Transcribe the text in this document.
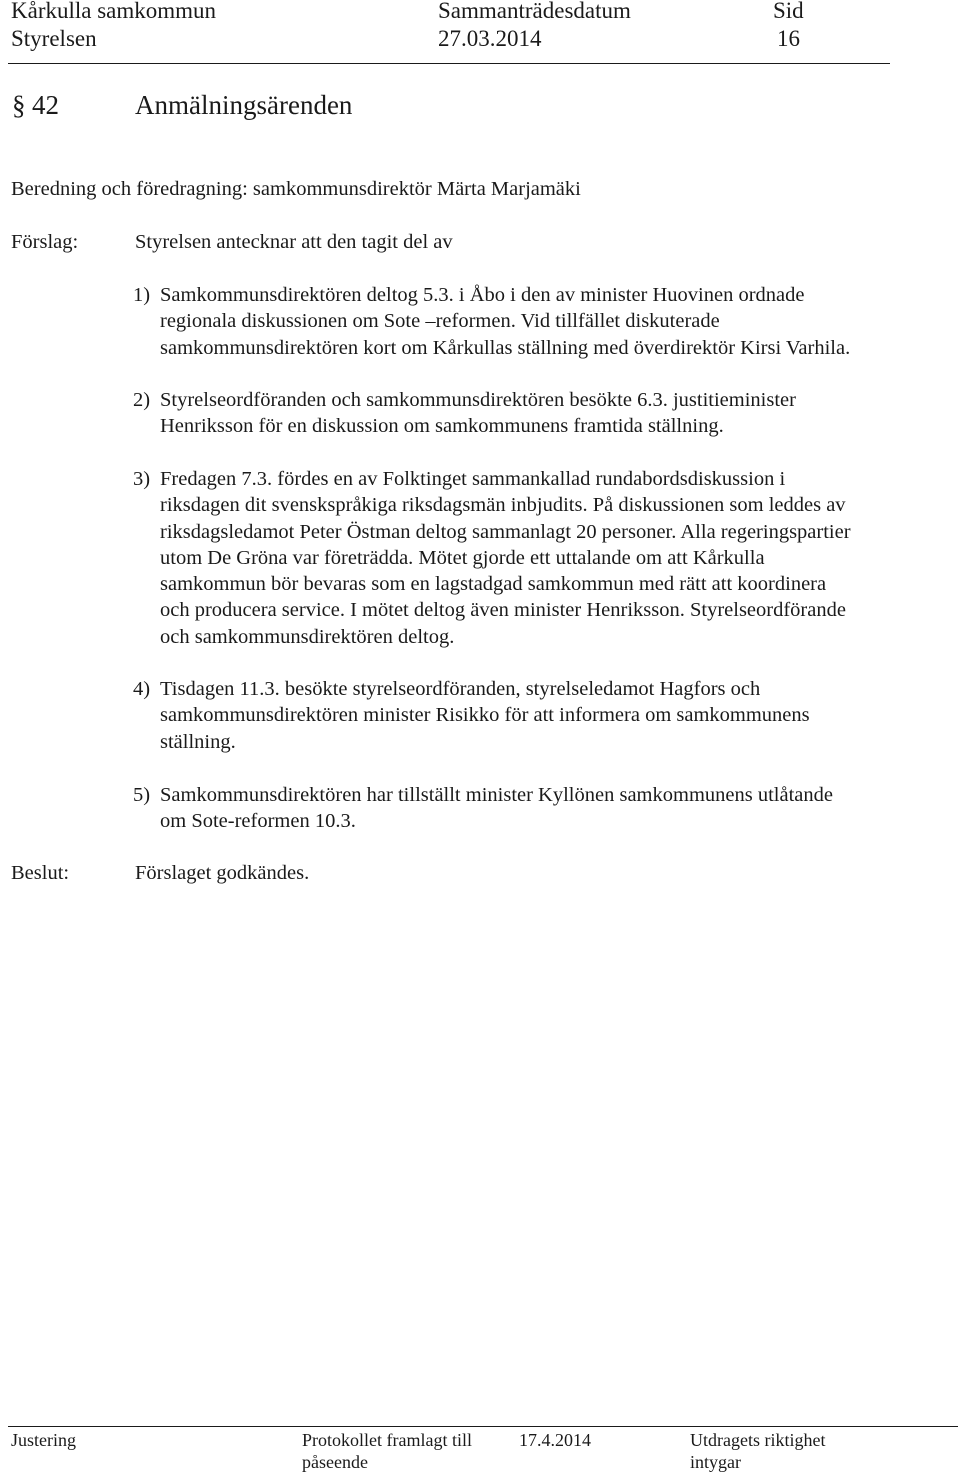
Kårkulla samkommun
Styrelsen
Sammanträdesdatum
27.03.2014
Sid
16
§ 42	Anmälningsärenden
Beredning och föredragning: samkommunsdirektör Märta Marjamäki
Förslag:	Styrelsen antecknar att den tagit del av
1) Samkommunsdirektören deltog 5.3. i Åbo i den av minister Huovinen ordnade
regionala diskussionen om Sote –reformen. Vid tillfället diskuterade
samkommunsdirektören kort om Kårkullas ställning med överdirektör Kirsi Varhila.
2) Styrelseordföranden och samkommunsdirektören besökte 6.3. justitieminister
Henriksson för en diskussion om samkommunens framtida ställning.
3) Fredagen 7.3. fördes en av Folktinget sammankallad rundabordsdiskussion i
riksdagen dit svenskspråkiga riksdagsmän inbjudits. På diskussionen som leddes av
riksdagsledamot Peter Östman deltog sammanlagt 20 personer. Alla regeringspartier
utom De Gröna var företrädda. Mötet gjorde ett uttalande om att Kårkulla
samkommun bör bevaras som en lagstadgad samkommun med rätt att koordinera
och producera service. I mötet deltog även minister Henriksson. Styrelseordförande
och samkommunsdirektören deltog.
4) Tisdagen 11.3. besökte styrelseordföranden, styrelseledamot Hagfors och
samkommunsdirektören minister Risikko för att informera om samkommunens
ställning.
5) Samkommunsdirektören har tillställt minister Kyllönen samkommunens utlåtande
om Sote-reformen 10.3.
Beslut:	Förslaget godkändes.
Justering	Protokollet framlagt till
påseende
17.4.2014	Utdragets riktighet
intygar
